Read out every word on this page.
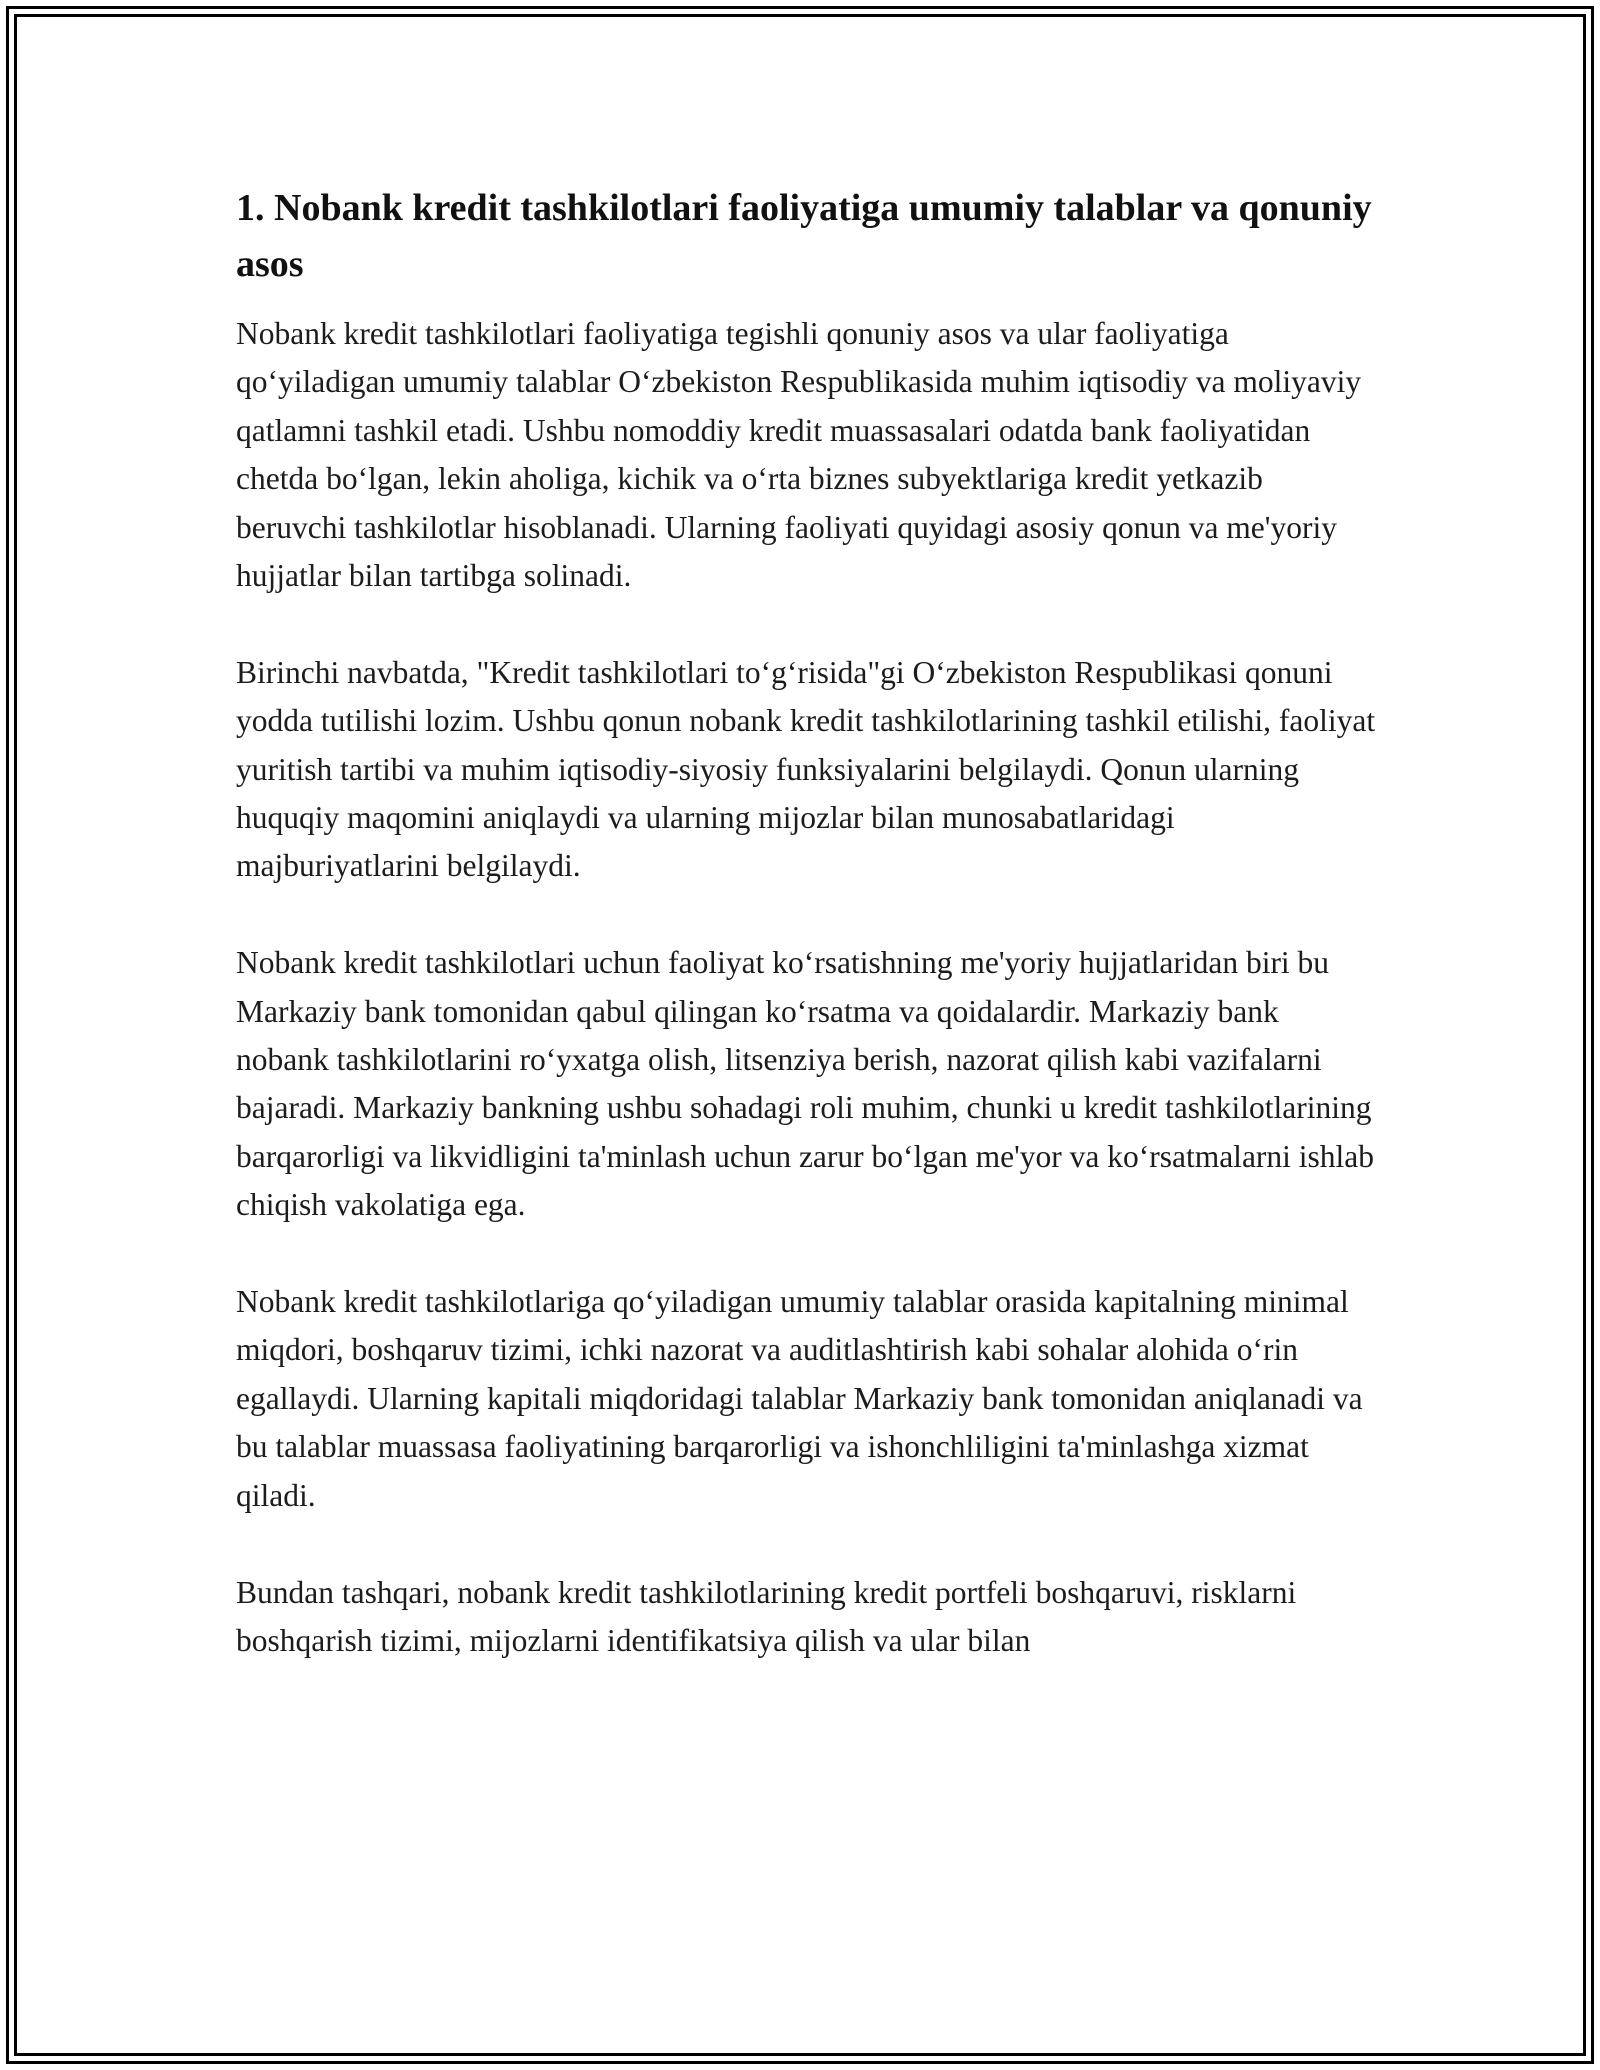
1. Nobank kredit tashkilotlari faoliyatiga umumiy talablar va qonuniy asos

Nobank kredit tashkilotlari faoliyatiga tegishli qonuniy asos va ular faoliyatiga qo‘yiladigan umumiy talablar O‘zbekiston Respublikasida muhim iqtisodiy va moliyaviy qatlamni tashkil etadi. Ushbu nomoddiy kredit muassasalari odatda bank faoliyatidan chetda bo‘lgan, lekin aholiga, kichik va o‘rta biznes subyektlariga kredit yetkazib beruvchi tashkilotlar hisoblanadi. Ularning faoliyati quyidagi asosiy qonun va me'yoriy hujjatlar bilan tartibga solinadi.

Birinchi navbatda, "Kredit tashkilotlari to‘g‘risida"gi O‘zbekiston Respublikasi qonuni yodda tutilishi lozim. Ushbu qonun nobank kredit tashkilotlarining tashkil etilishi, faoliyat yuritish tartibi va muhim iqtisodiy-siyosiy funksiyalarini belgilaydi. Qonun ularning huquqiy maqomini aniqlaydi va ularning mijozlar bilan munosabatlaridagi majburiyatlarini belgilaydi.

Nobank kredit tashkilotlari uchun faoliyat ko‘rsatishning me'yoriy hujjatlaridan biri bu Markaziy bank tomonidan qabul qilingan ko‘rsatma va qoidalardir. Markaziy bank nobank tashkilotlarini ro‘yxatga olish, litsenziya berish, nazorat qilish kabi vazifalarni bajaradi. Markaziy bankning ushbu sohadagi roli muhim, chunki u kredit tashkilotlarining barqarorligi va likvidligini ta'minlash uchun zarur bo‘lgan me'yor va ko‘rsatmalarni ishlab chiqish vakolatiga ega.

Nobank kredit tashkilotlariga qo‘yiladigan umumiy talablar orasida kapitalning minimal miqdori, boshqaruv tizimi, ichki nazorat va auditlashtirish kabi sohalar alohida o‘rin egallaydi. Ularning kapitali miqdoridagi talablar Markaziy bank tomonidan aniqlanadi va bu talablar muassasa faoliyatining barqarorligi va ishonchliligini ta'minlashga xizmat qiladi.

Bundan tashqari, nobank kredit tashkilotlarining kredit portfeli boshqaruvi, risklarni boshqarish tizimi, mijozlarni identifikatsiya qilish va ular bilan
